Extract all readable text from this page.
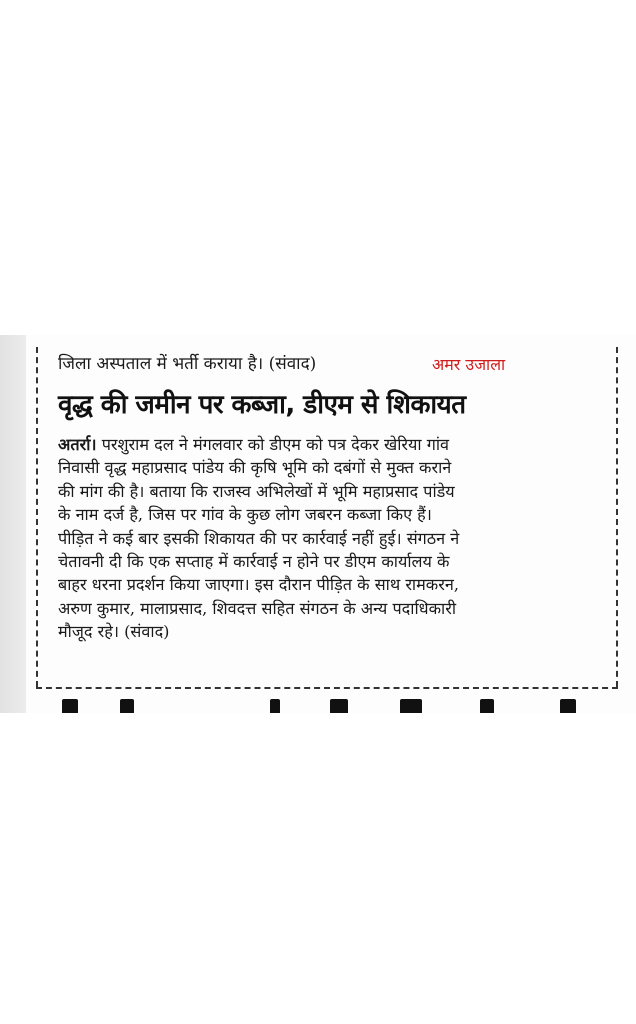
जिला अस्पताल में भर्ती कराया है। (संवाद)	अमर उजाला
वृद्ध की जमीन पर कब्जा, डीएम से शिकायत
अतर्रा। परशुराम दल ने मंगलवार को डीएम को पत्र देकर खेरिया गांव
निवासी वृद्ध महाप्रसाद पांडेय की कृषि भूमि को दबंगों से मुक्त कराने
की मांग की है। बताया कि राजस्व अभिलेखों में भूमि महाप्रसाद पांडेय
के नाम दर्ज है, जिस पर गांव के कुछ लोग जबरन कब्जा किए हैं।
पीड़ित ने कई बार इसकी शिकायत की पर कार्रवाई नहीं हुई। संगठन ने
चेतावनी दी कि एक सप्ताह में कार्रवाई न होने पर डीएम कार्यालय के
बाहर धरना प्रदर्शन किया जाएगा। इस दौरान पीड़ित के साथ रामकरन,
अरुण कुमार, मालाप्रसाद, शिवदत्त सहित संगठन के अन्य पदाधिकारी
मौजूद रहे। (संवाद)
